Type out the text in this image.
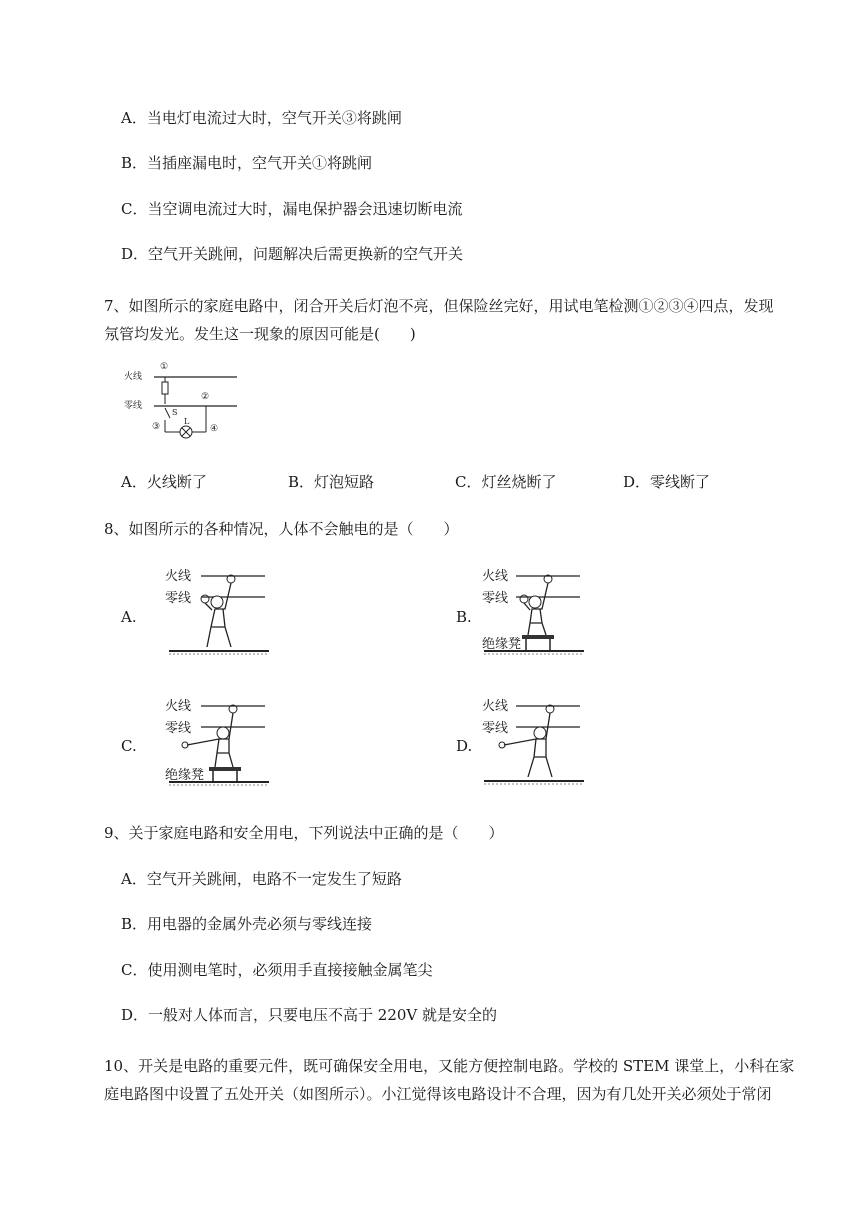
A．当电灯电流过大时，空气开关③将跳闸
B．当插座漏电时，空气开关①将跳闸
C．当空调电流过大时，漏电保护器会迅速切断电流
D．空气开关跳闸，问题解决后需更换新的空气开关
7、如图所示的家庭电路中，闭合开关后灯泡不亮，但保险丝完好，用试电笔检测①②③④四点，发现
氖管均发光。发生这一现象的原因可能是(　　)
火线
零线
①
②
③	④
S
L
A．火线断了	B．灯泡短路	C．灯丝烧断了	D．零线断了
8、如图所示的各种情况，人体不会触电的是（　　）
A.
火线
零线
B.
火线
零线
绝缘凳
C.
火线
零线
绝缘凳
D.
火线
零线
9、关于家庭电路和安全用电，下列说法中正确的是（　　）
A．空气开关跳闸，电路不一定发生了短路
B．用电器的金属外壳必须与零线连接
C．使用测电笔时，必须用手直接接触金属笔尖
D．一般对人体而言，只要电压不高于 220V 就是安全的
10、开关是电路的重要元件，既可确保安全用电，又能方便控制电路。学校的 STEM 课堂上，小科在家
庭电路图中设置了五处开关（如图所示）。小江觉得该电路设计不合理，因为有几处开关必须处于常闭
